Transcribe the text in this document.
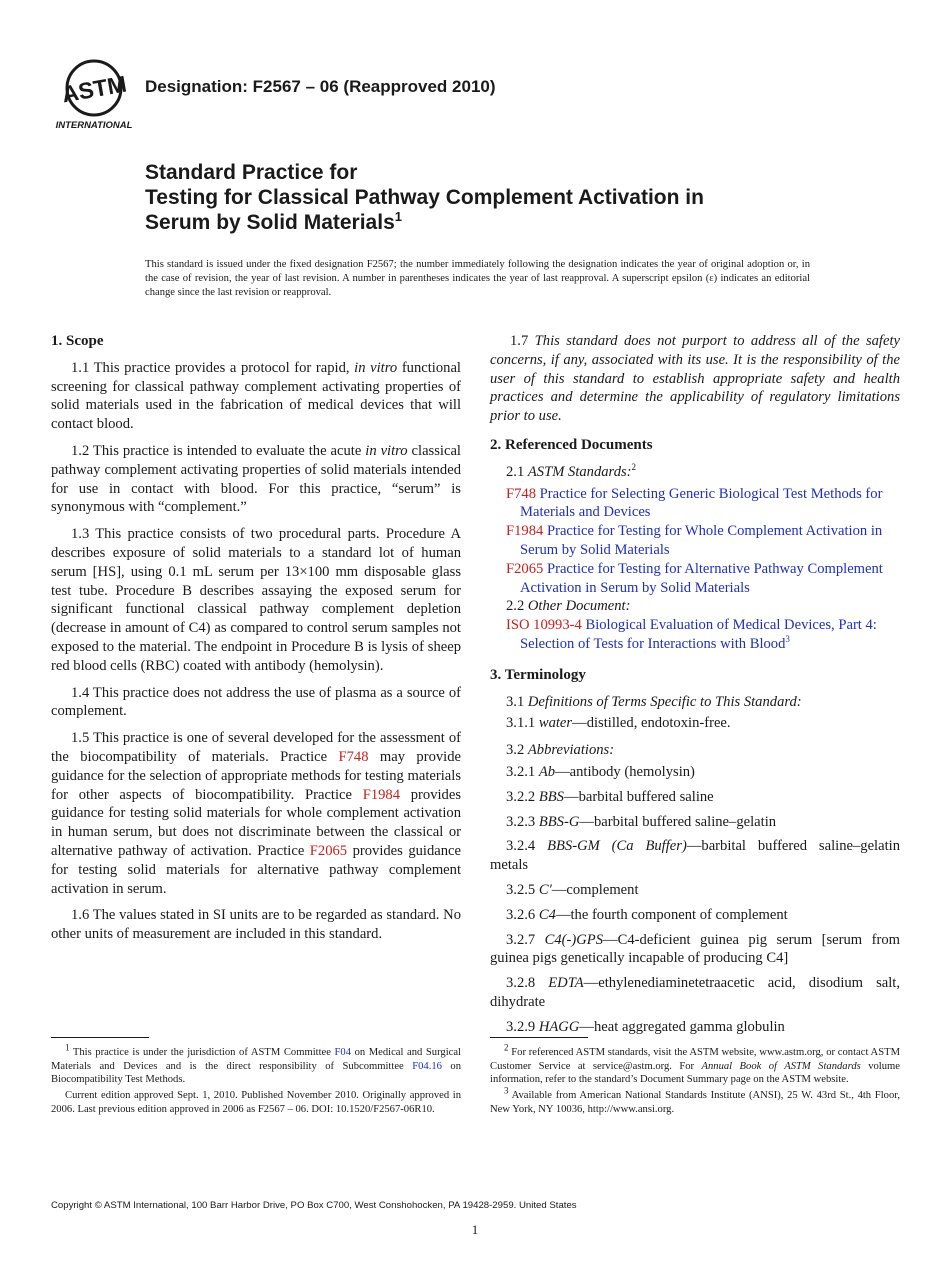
ASTM
INTERNATIONAL
Designation: F2567 – 06 (Reapproved 2010)
Standard Practice for
Testing for Classical Pathway Complement Activation in
Serum by Solid Materials$^1$
This standard is issued under the fixed designation F2567; the number immediately following the designation indicates the year of original adoption or, in the case of revision, the year of last revision. A number in parentheses indicates the year of last reapproval. A superscript epsilon (ε) indicates an editorial change since the last revision or reapproval.
1. Scope

1.1 This practice provides a protocol for rapid, in vitro functional screening for classical pathway complement activating properties of solid materials used in the fabrication of medical devices that will contact blood.

1.2 This practice is intended to evaluate the acute in vitro classical pathway complement activating properties of solid materials intended for use in contact with blood. For this practice, “serum” is synonymous with “complement.”

1.3 This practice consists of two procedural parts. Procedure A describes exposure of solid materials to a standard lot of human serum [HS], using 0.1 mL serum per 13×100 mm disposable glass test tube. Procedure B describes assaying the exposed serum for significant functional classical pathway complement depletion (decrease in amount of C4) as compared to control serum samples not exposed to the material. The endpoint in Procedure B is lysis of sheep red blood cells (RBC) coated with antibody (hemolysin).

1.4 This practice does not address the use of plasma as a source of complement.

1.5 This practice is one of several developed for the assessment of the biocompatibility of materials. Practice F748 may provide guidance for the selection of appropriate methods for testing materials for other aspects of biocompatibility. Practice F1984 provides guidance for testing solid materials for whole complement activation in human serum, but does not discriminate between the classical or alternative pathway of activation. Practice F2065 provides guidance for testing solid materials for alternative pathway complement activation in serum.

1.6 The values stated in SI units are to be regarded as standard. No other units of measurement are included in this standard.

1.7 This standard does not purport to address all of the safety concerns, if any, associated with its use. It is the responsibility of the user of this standard to establish appropriate safety and health practices and determine the applicability of regulatory limitations prior to use.

2. Referenced Documents

2.1 ASTM Standards:$^2$

F748 Practice for Selecting Generic Biological Test Methods for Materials and Devices

F1984 Practice for Testing for Whole Complement Activation in Serum by Solid Materials

F2065 Practice for Testing for Alternative Pathway Complement Activation in Serum by Solid Materials

2.2 Other Document:

ISO 10993-4 Biological Evaluation of Medical Devices, Part 4: Selection of Tests for Interactions with Blood$^3$

3. Terminology

3.1 Definitions of Terms Specific to This Standard:

3.1.1 water—distilled, endotoxin-free.

3.2 Abbreviations:

3.2.1 Ab—antibody (hemolysin)

3.2.2 BBS—barbital buffered saline

3.2.3 BBS-G—barbital buffered saline–gelatin

3.2.4 BBS-GM (Ca Buffer)—barbital buffered saline–gelatin metals

3.2.5 C′—complement

3.2.6 C4—the fourth component of complement

3.2.7 C4(-)GPS—C4-deficient guinea pig serum [serum from guinea pigs genetically incapable of producing C4]

3.2.8 EDTA—ethylenediaminetetraacetic acid, disodium salt, dihydrate

3.2.9 HAGG—heat aggregated gamma globulin

$^1$ This practice is under the jurisdiction of ASTM Committee F04 on Medical and Surgical Materials and Devices and is the direct responsibility of Subcommittee F04.16 on Biocompatibility Test Methods.

Current edition approved Sept. 1, 2010. Published November 2010. Originally approved in 2006. Last previous edition approved in 2006 as F2567 – 06. DOI: 10.1520/F2567-06R10.

$^2$ For referenced ASTM standards, visit the ASTM website, www.astm.org, or contact ASTM Customer Service at service@astm.org. For Annual Book of ASTM Standards volume information, refer to the standard’s Document Summary page on the ASTM website.

$^3$ Available from American National Standards Institute (ANSI), 25 W. 43rd St., 4th Floor, New York, NY 10036, http://www.ansi.org.

Copyright © ASTM International, 100 Barr Harbor Drive, PO Box C700, West Conshohocken, PA 19428-2959. United States
1
